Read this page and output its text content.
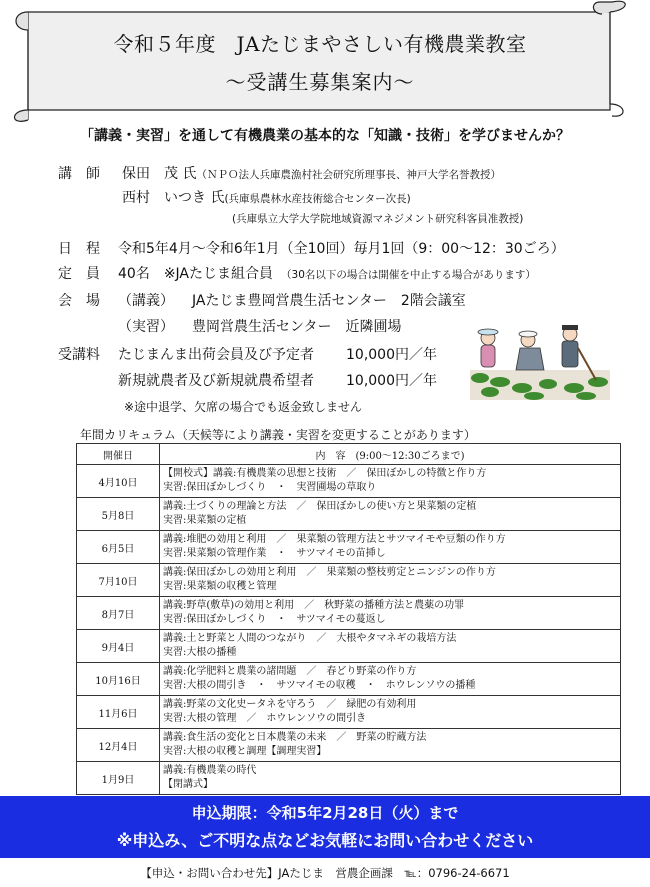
令和５年度　JAたじまやさしい有機農業教室
〜受講生募集案内〜
「講義・実習」を通して有機農業の基本的な「知識・技術」を学びませんか？
講　師 保田　茂 氏（ＮＰＯ法人兵庫農漁村社会研究所理事長、神戸大学名誉教授）
西村　いつき 氏(兵庫県農林水産技術総合センター次長)
(兵庫県立大学大学院地域資源マネジメント研究科客員准教授)
日　程 令和5年4月〜令和6年1月（全10回）毎月1回（9：00〜12：30ごろ）
定　員 40名　※JAたじま組合員 （30名以下の場合は開催を中止する場合があります）
会　場 （講義） JAたじま豊岡営農生活センター　2階会議室
（実習） 豊岡営農生活センター　近隣圃場
受講料 たじまんま出荷会員及び予定者 10,000円／年
新規就農者及び新規就農希望者 10,000円／年
※途中退学、欠席の場合でも返金致しません
年間カリキュラム（天候等により講義・実習を変更することがあります）
開催日	内　容　(9:00〜12:30ごろまで)
4月10日	【開校式】講義:有機農業の思想と技術　／　保田ぼかしの特徴と作り方
実習:保田ぼかしづくり　・　実習圃場の草取り

5月8日	講義:土づくりの理論と方法　／　保田ぼかしの使い方と果菜類の定植
実習:果菜類の定植

6月5日	講義:堆肥の効用と利用　／　果菜類の管理方法とサツマイモや豆類の作り方
実習:果菜類の管理作業　・　サツマイモの苗挿し

7月10日	講義:保田ぼかしの効用と利用　／　果菜類の整枝剪定とニンジンの作り方
実習:果菜類の収穫と管理

8月7日	講義:野草(敷草)の効用と利用　／　秋野菜の播種方法と農薬の功罪
実習:保田ぼかしづくり　・　サツマイモの蔓返し

9月4日	講義:土と野菜と人間のつながり　／　大根やタマネギの栽培方法
実習:大根の播種

10月16日	講義:化学肥料と農業の諸問題　／　春どり野菜の作り方
実習:大根の間引き　・　サツマイモの収穫　・　ホウレンソウの播種

11月6日	講義:野菜の文化史ータネを守ろう　／　緑肥の有効利用
実習:大根の管理　／　ホウレンソウの間引き

12月4日	講義:食生活の変化と日本農業の未来　／　野菜の貯蔵方法
実習:大根の収穫と調理【調理実習】

1月9日	講義:有機農業の時代
【閉講式】
申込期限：令和5年2月28日（火）まで
※申込み、ご不明な点などお気軽にお問い合わせください
【申込・お問い合わせ先】JAたじま　営農企画課　℡：0796-24-6671
